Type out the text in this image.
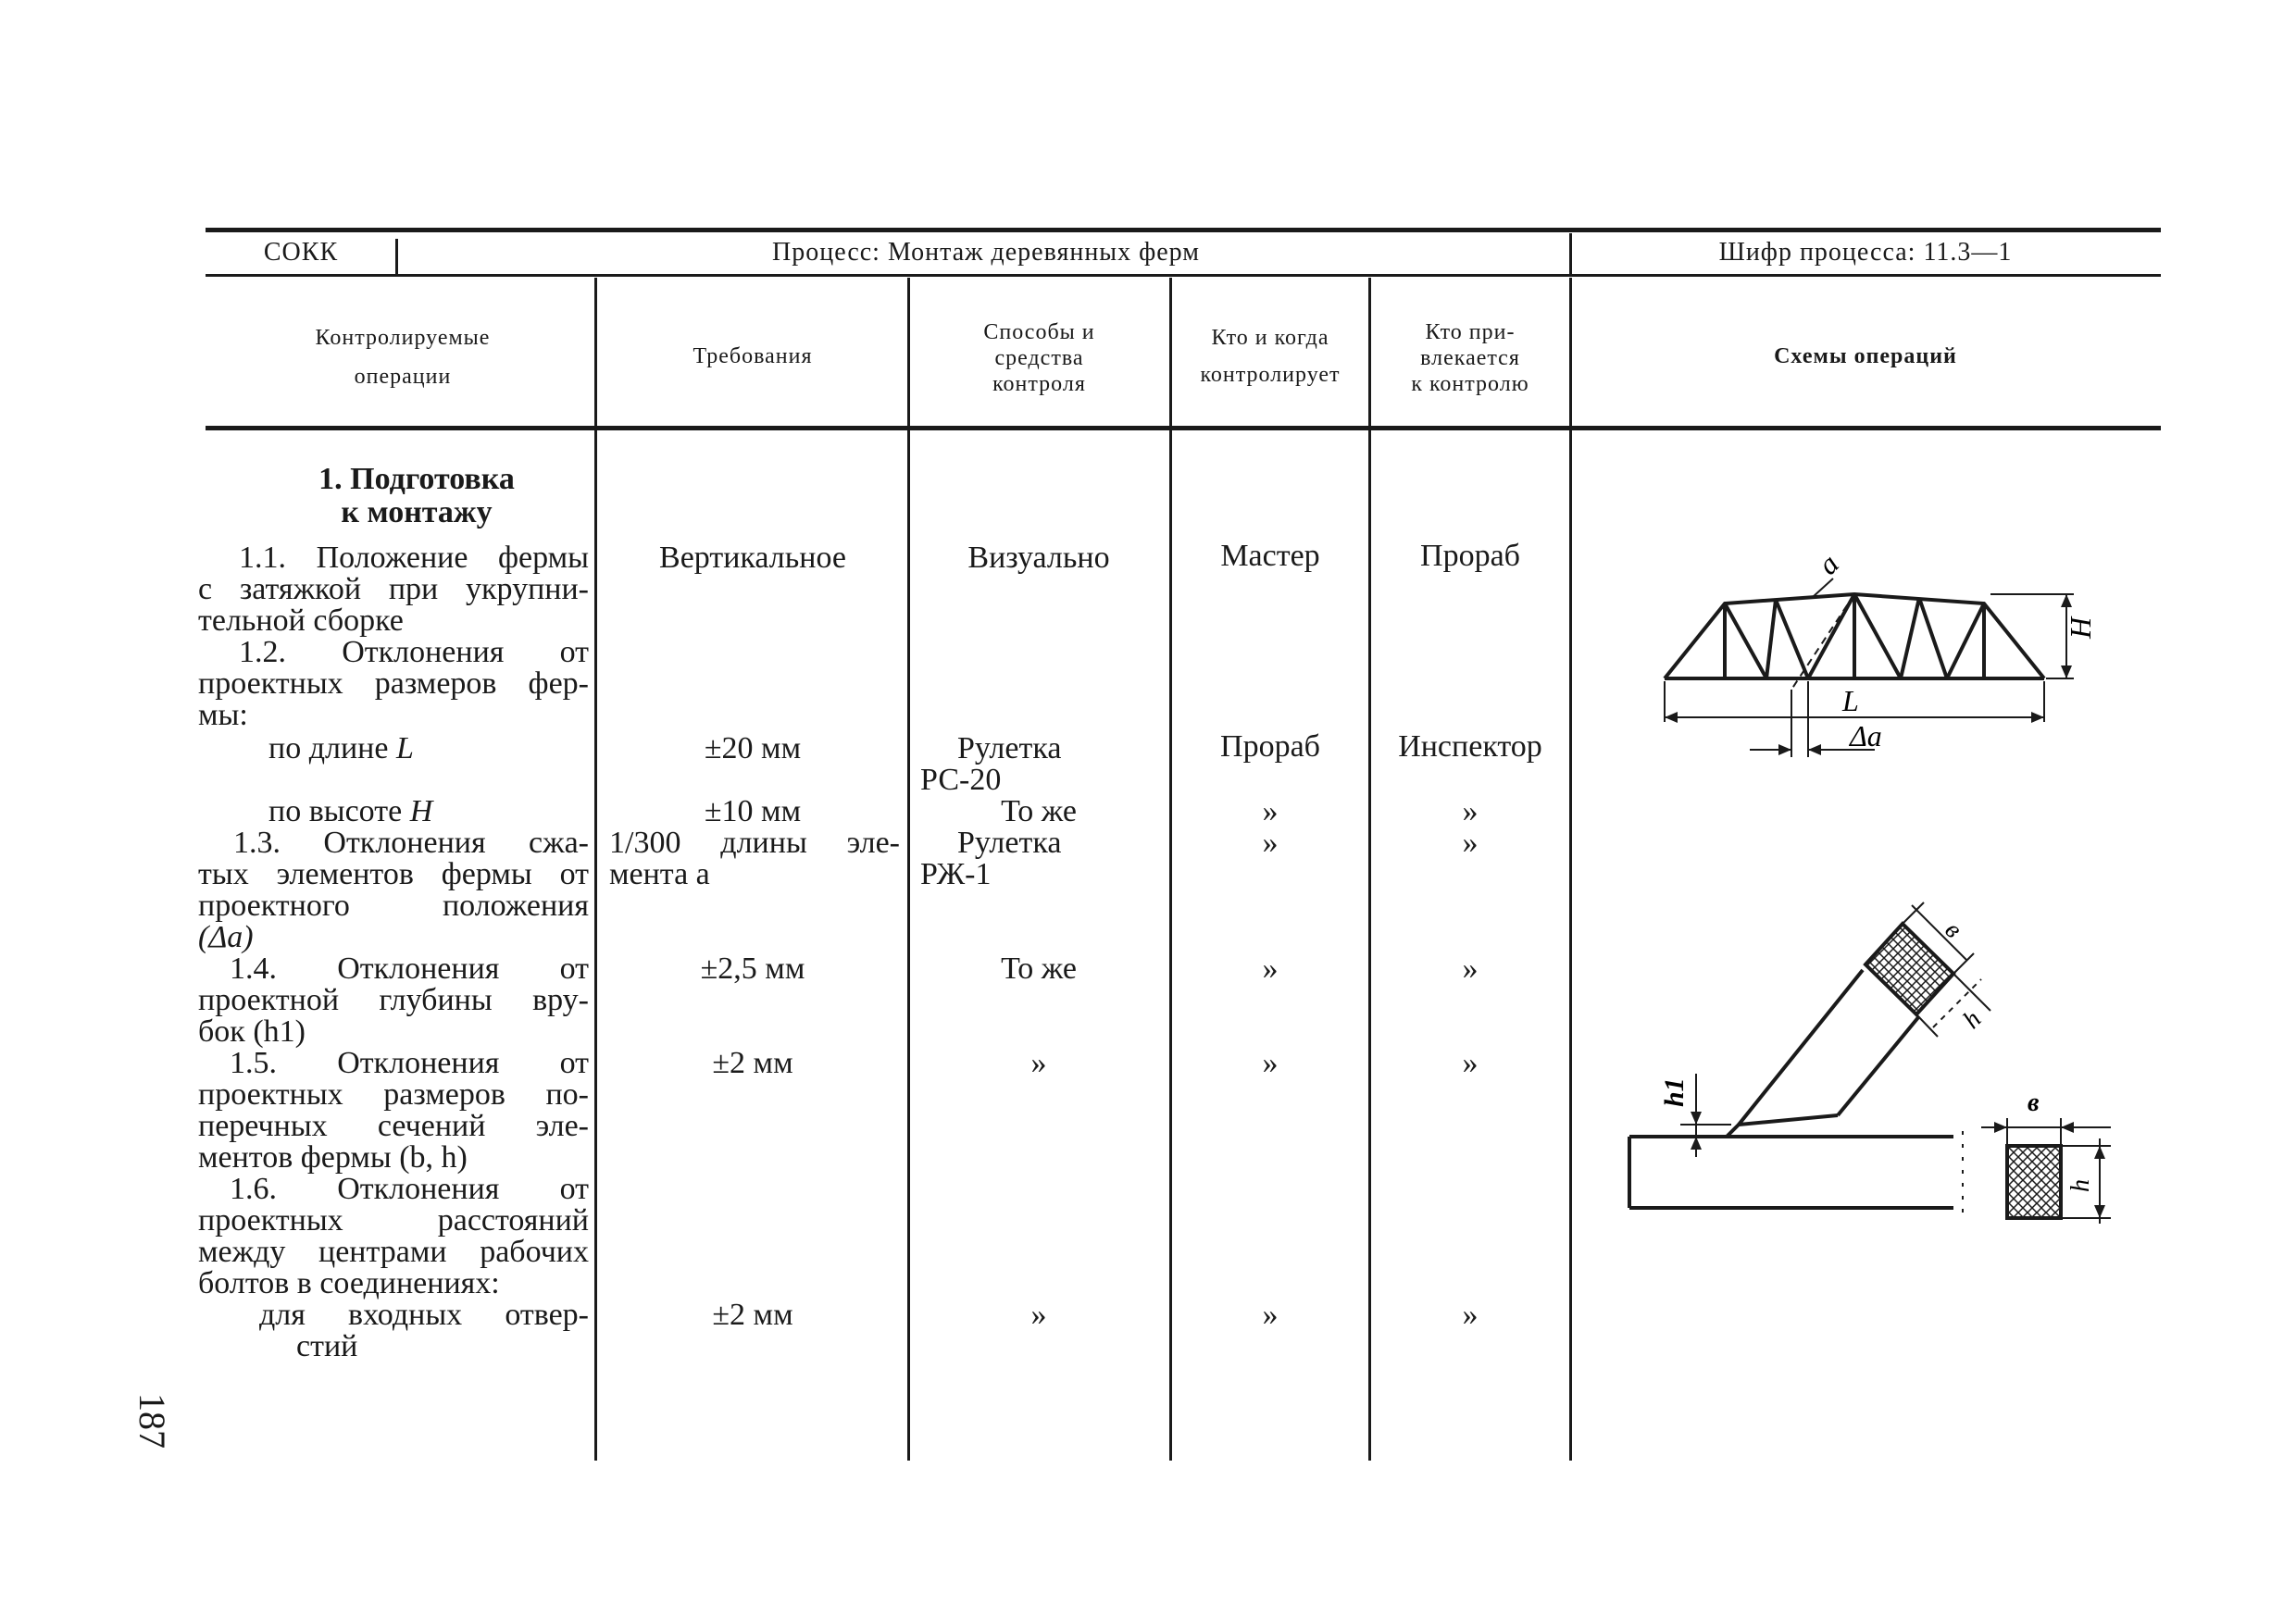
СОКК	Процесс: Монтаж деревянных ферм	Шифр процесса: 11.3—1
Контролируемые
операции
Требования
Способы и
средства
контроля
Кто и когда
контролирует
Кто при-
влекается
к контролю
Схемы операций
1. Подготовка
к монтажу
1.1. Положение фермы
с затяжкой при укрупни-
тельной сборке
1.2. Отклонения от
проектных размеров фер-
мы:
по длине L
по высоте H
1.3. Отклонения сжа-
тых элементов фермы от
проектного положения
(Δa)
1.4. Отклонения от
проектной глубины вру-
бок (h1)
1.5. Отклонения от
проектных размеров по-
перечных сечений эле-
ментов фермы (b, h)
1.6. Отклонения от
проектных расстояний
между центрами рабочих
болтов в соединениях:
для входных отвер-
стий
Вертикальное
±20 мм
±10 мм
1/300 длины эле-
мента a
±2,5 мм
±2 мм
±2 мм
Визуально
Рулетка
РС-20
То же
Рулетка
РЖ-1
То же
»
»
Мастер
Прораб
»
»
»
»
»
Прораб
Инспектор
»
»
»
»
»
a
H
L
Δa
h1
в
h
в
h
187
